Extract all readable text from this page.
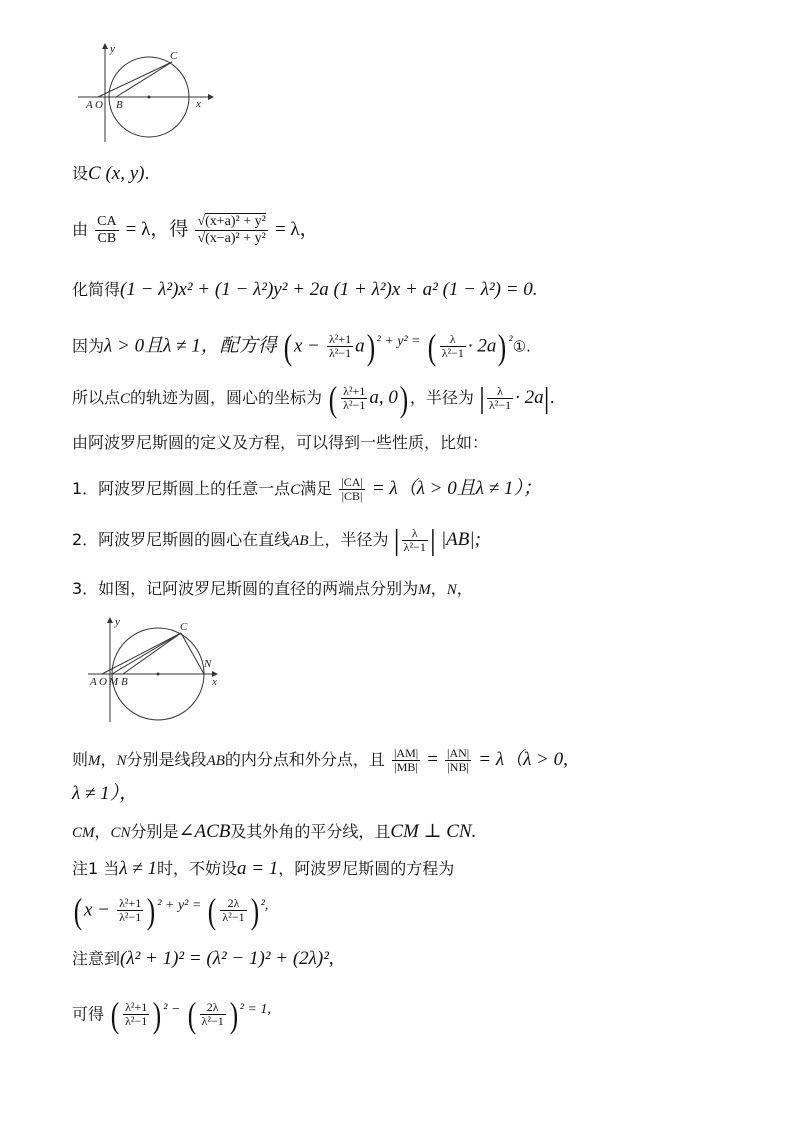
y
x
C
A O B
设C (x, y).
由 $\frac{CA}{CB} = \lambda$，得 $\frac{\text{√(x+a)² + y²}}{\text{√(x−a)² + y²}} = \lambda$，
化简得(1 − λ²)x² + (1 − λ²)y² + 2a (1 + λ²)x + a² (1 − λ²) = 0.
因为λ > 0且λ ≠ 1，配方得 $(x - \frac{\text{λ²+1}}{\text{λ²−1}} a)$ $^{^2 + y^2 =}$ ( $\frac{\lambda}{\text{λ²−1}} \cdot 2a$) $^{^2}$①.
所以点C的轨迹为圆，圆心的坐标为 ( $\frac{\text{λ²+1}}{\text{λ²−1}} a$, 0) ，半径为 | $\frac{\lambda}{\text{λ²−1}} \cdot 2a|$.
由阿波罗尼斯圆的定义及方程，可以得到一些性质，比如：
1．阿波罗尼斯圆上的任意一点C满足 $\frac{|CA|}{|CB|} = \lambda(\lambda > 0$且λ ≠ 1）；
2．阿波罗尼斯圆的圆心在直线AB上，半径为 | $\frac{\lambda}{\text{λ²−1}}$ | |AB|;
3．如图，记阿波罗尼斯圆的直径的两端点分别为M，N，
y
x
C
N
A O M B
则M，N分别是线段AB的内分点和外分点，且 $\frac{|AM|}{|MB|} = \frac{|AN|}{|NB|} = \lambda(\lambda > 0$,
λ ≠ 1），
CM，CN分别是∠ACB及其外角的平分线，且CM ⊥ CN.
注1 当λ ≠ 1时，不妨设a = 1，阿波罗尼斯圆的方程为
($x - \frac{\text{λ²+1}}{\text{λ²−1}}$ ) $^{^2 + y^2 =}$ ( $\frac{2\lambda}{\text{λ²−1}}$ ) $^{^2,}$
注意到(λ² + 1)² = (λ² − 1)² + (2λ)²,
可得 ( $\frac{\text{λ²+1}}{\text{λ²−1}}$ ) $^{^2 -}$ ( $\frac{2\lambda}{\text{λ²−1}}$ ) $^{^2 = 1,}$
